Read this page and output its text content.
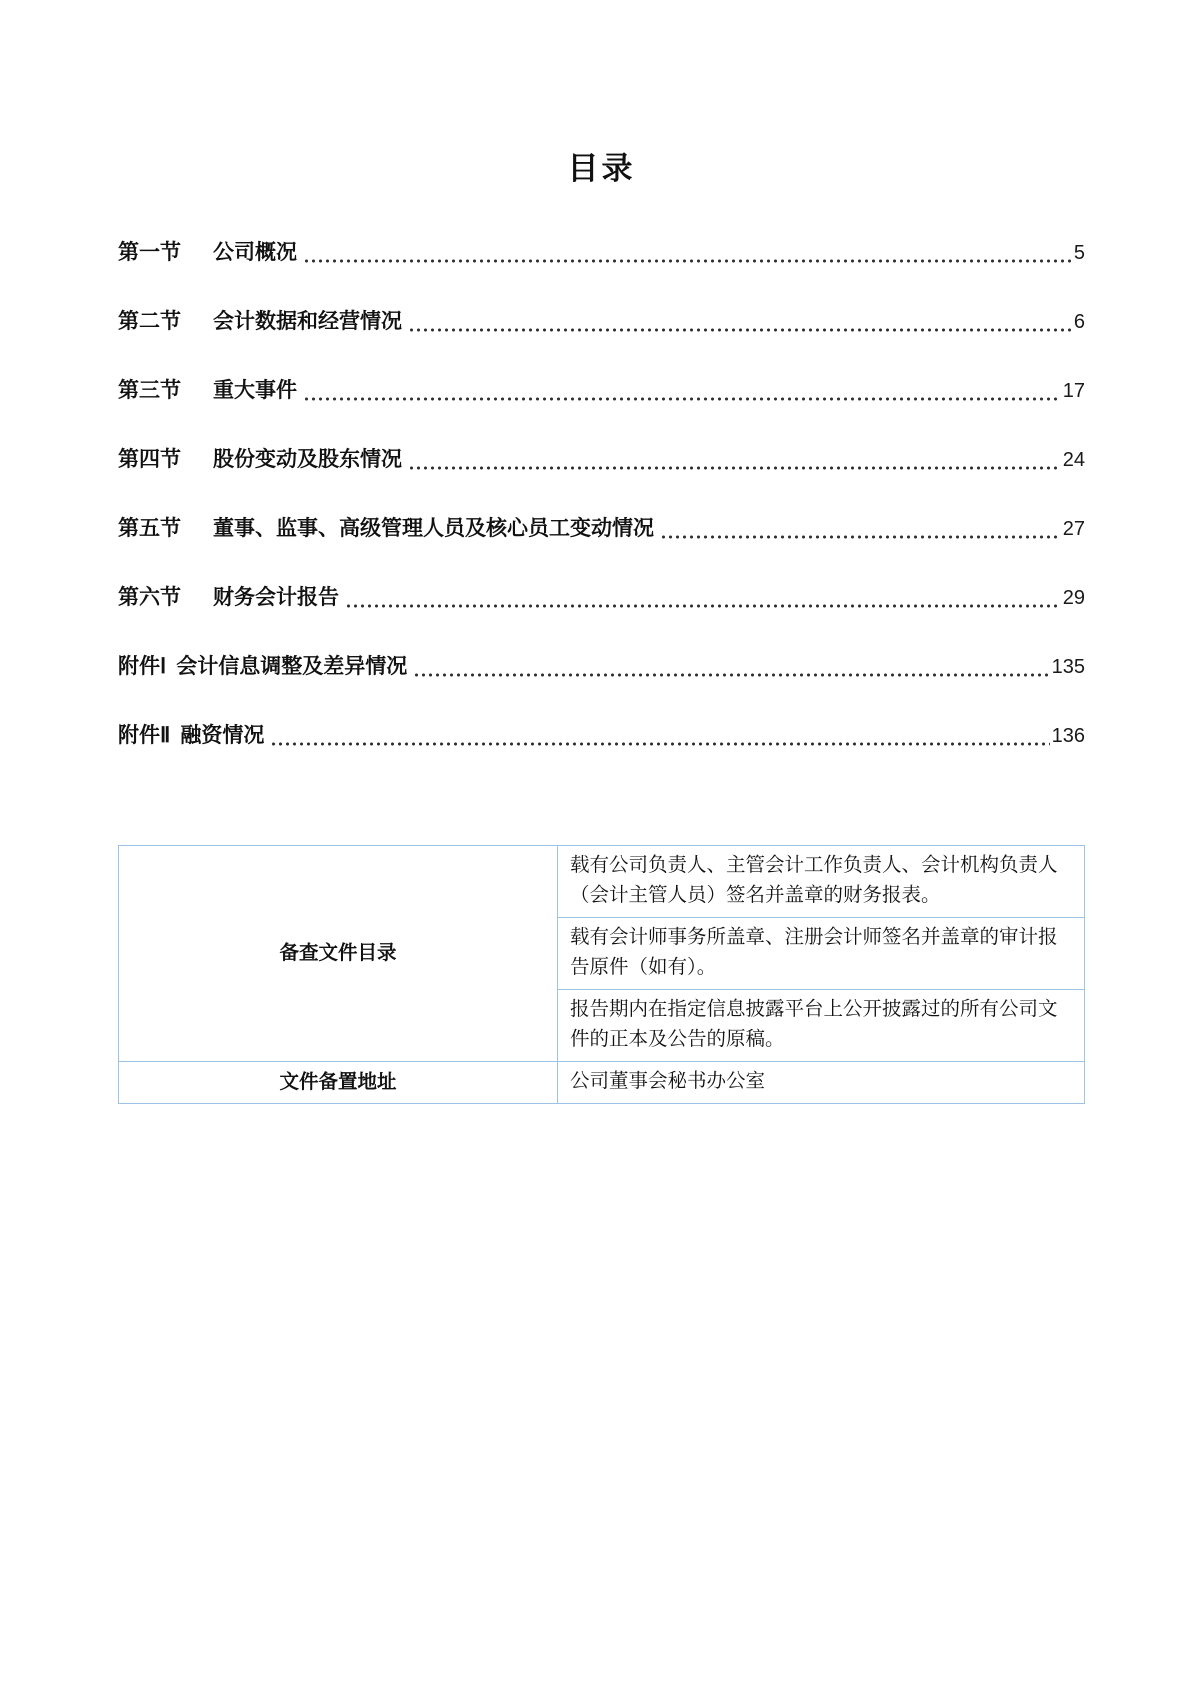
目录
第一节	公司概况	5
第二节	会计数据和经营情况	6
第三节	重大事件	17
第四节	股份变动及股东情况	24
第五节	董事、监事、高级管理人员及核心员工变动情况	27
第六节	财务会计报告	29
附件Ⅰ 会计信息调整及差异情况	135
附件Ⅱ 融资情况	136
备查文件目录	载有公司负责人、主管会计工作负责人、会计机构负责人（会计主管人员）签名并盖章的财务报表。
	载有会计师事务所盖章、注册会计师签名并盖章的审计报告原件（如有）。
	报告期内在指定信息披露平台上公开披露过的所有公司文件的正本及公告的原稿。
文件备置地址	公司董事会秘书办公室
